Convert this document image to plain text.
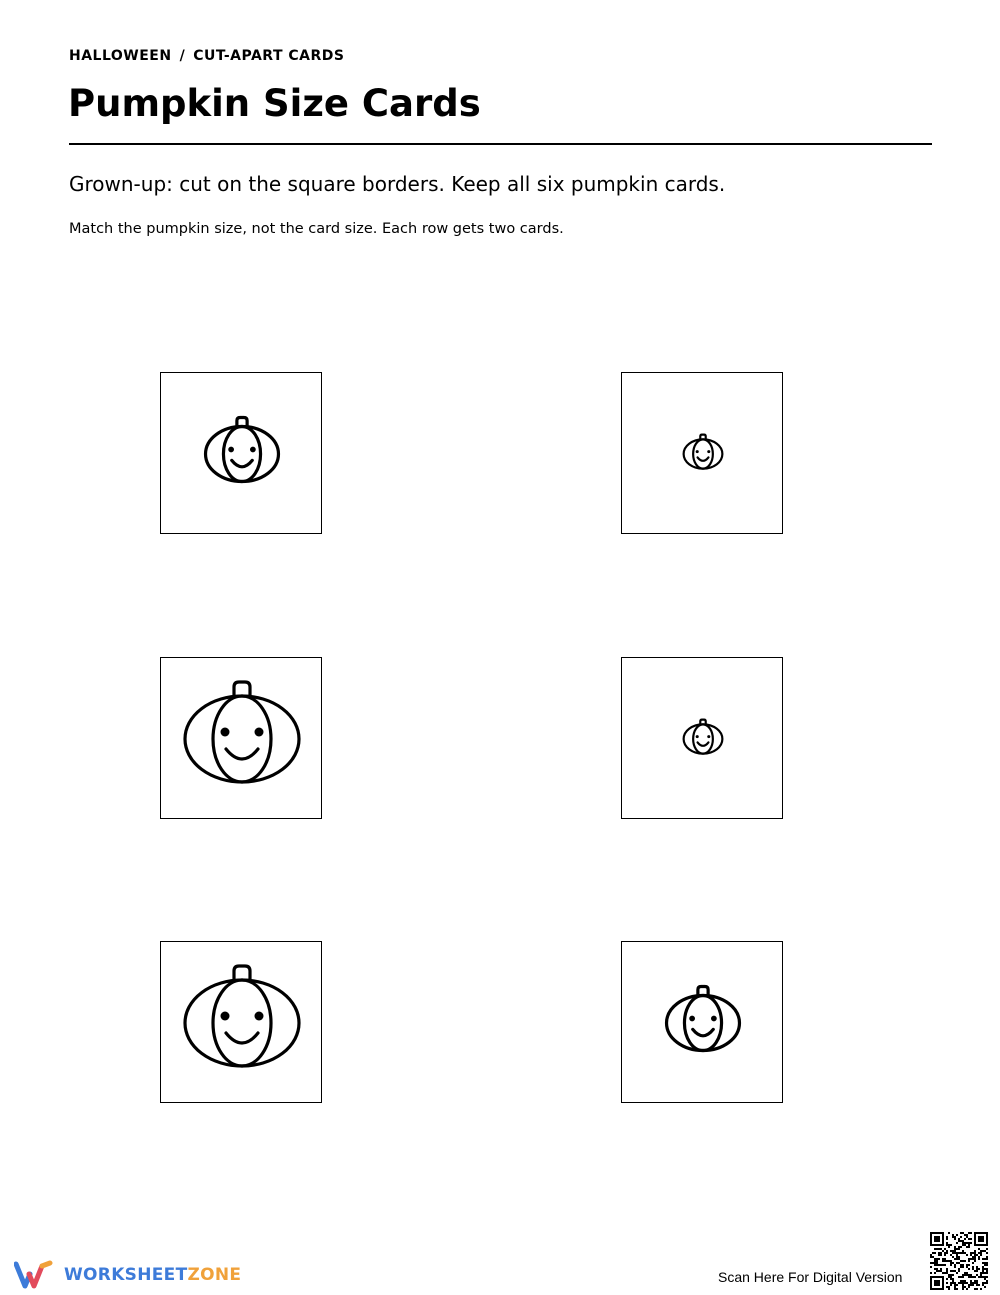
HALLOWEEN / CUT-APART CARDS
Pumpkin Size Cards
Grown-up: cut on the square borders. Keep all six pumpkin cards.
Match the pumpkin size, not the card size. Each row gets two cards.
WORKSHEETZONE	Scan Here For Digital Version
